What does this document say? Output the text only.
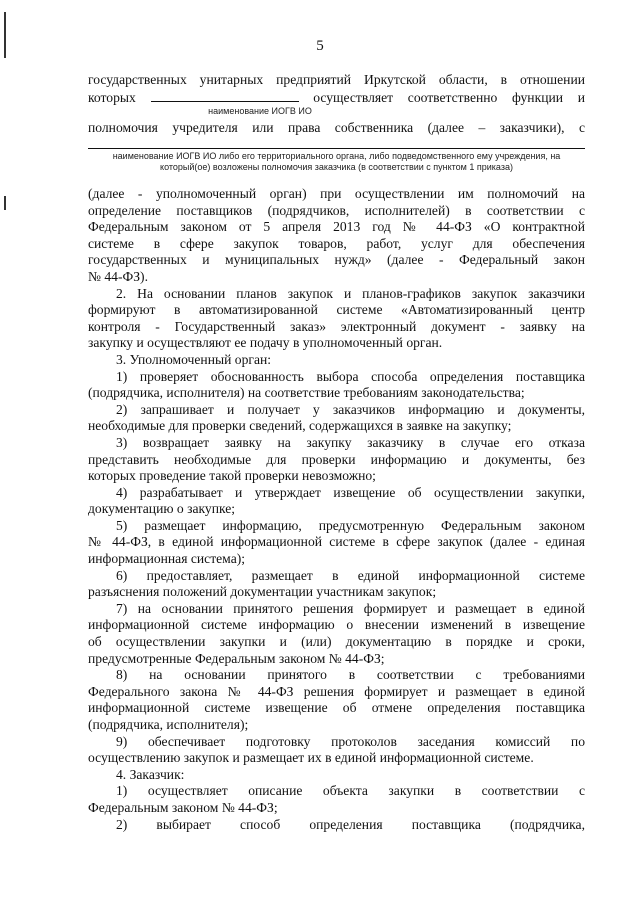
5
государственных унитарных предприятий Иркутской области, в отношении
которых	осуществляет соответственно функции и
наименование ИОГВ ИО
полномочия учредителя или права собственника (далее – заказчики), с
наименование ИОГВ ИО либо его территориального органа, либо подведомственного ему учреждения, на
который(ое) возложены полномочия заказчика (в соответствии с пунктом 1 приказа)
(далее - уполномоченный орган) при осуществлении им полномочий на
определение поставщиков (подрядчиков, исполнителей) в соответствии с
Федеральным законом от 5 апреля 2013 год № 44-ФЗ «О контрактной
системе в сфере закупок товаров, работ, услуг для обеспечения
государственных и муниципальных нужд» (далее - Федеральный закон
№ 44-ФЗ).
2. На основании планов закупок и планов-графиков закупок заказчики
формируют в автоматизированной системе «Автоматизированный центр
контроля - Государственный заказ» электронный документ - заявку на
закупку и осуществляют ее подачу в уполномоченный орган.
3. Уполномоченный орган:
1) проверяет обоснованность выбора способа определения поставщика
(подрядчика, исполнителя) на соответствие требованиям законодательства;
2) запрашивает и получает у заказчиков информацию и документы,
необходимые для проверки сведений, содержащихся в заявке на закупку;
3) возвращает заявку на закупку заказчику в случае его отказа
представить необходимые для проверки информацию и документы, без
которых проведение такой проверки невозможно;
4) разрабатывает и утверждает извещение об осуществлении закупки,
документацию о закупке;
5) размещает информацию, предусмотренную Федеральным законом
№ 44-ФЗ, в единой информационной системе в сфере закупок (далее - единая
информационная система);
6) предоставляет, размещает в единой информационной системе
разъяснения положений документации участникам закупок;
7) на основании принятого решения формирует и размещает в единой
информационной системе информацию о внесении изменений в извещение
об осуществлении закупки и (или) документацию в порядке и сроки,
предусмотренные Федеральным законом № 44-ФЗ;
8) на основании принятого в соответствии с требованиями
Федерального закона № 44-ФЗ решения формирует и размещает в единой
информационной системе извещение об отмене определения поставщика
(подрядчика, исполнителя);
9) обеспечивает подготовку протоколов заседания комиссий по
осуществлению закупок и размещает их в единой информационной системе.
4. Заказчик:
1) осуществляет описание объекта закупки в соответствии с
Федеральным законом № 44-ФЗ;
2) выбирает способ определения поставщика (подрядчика,
